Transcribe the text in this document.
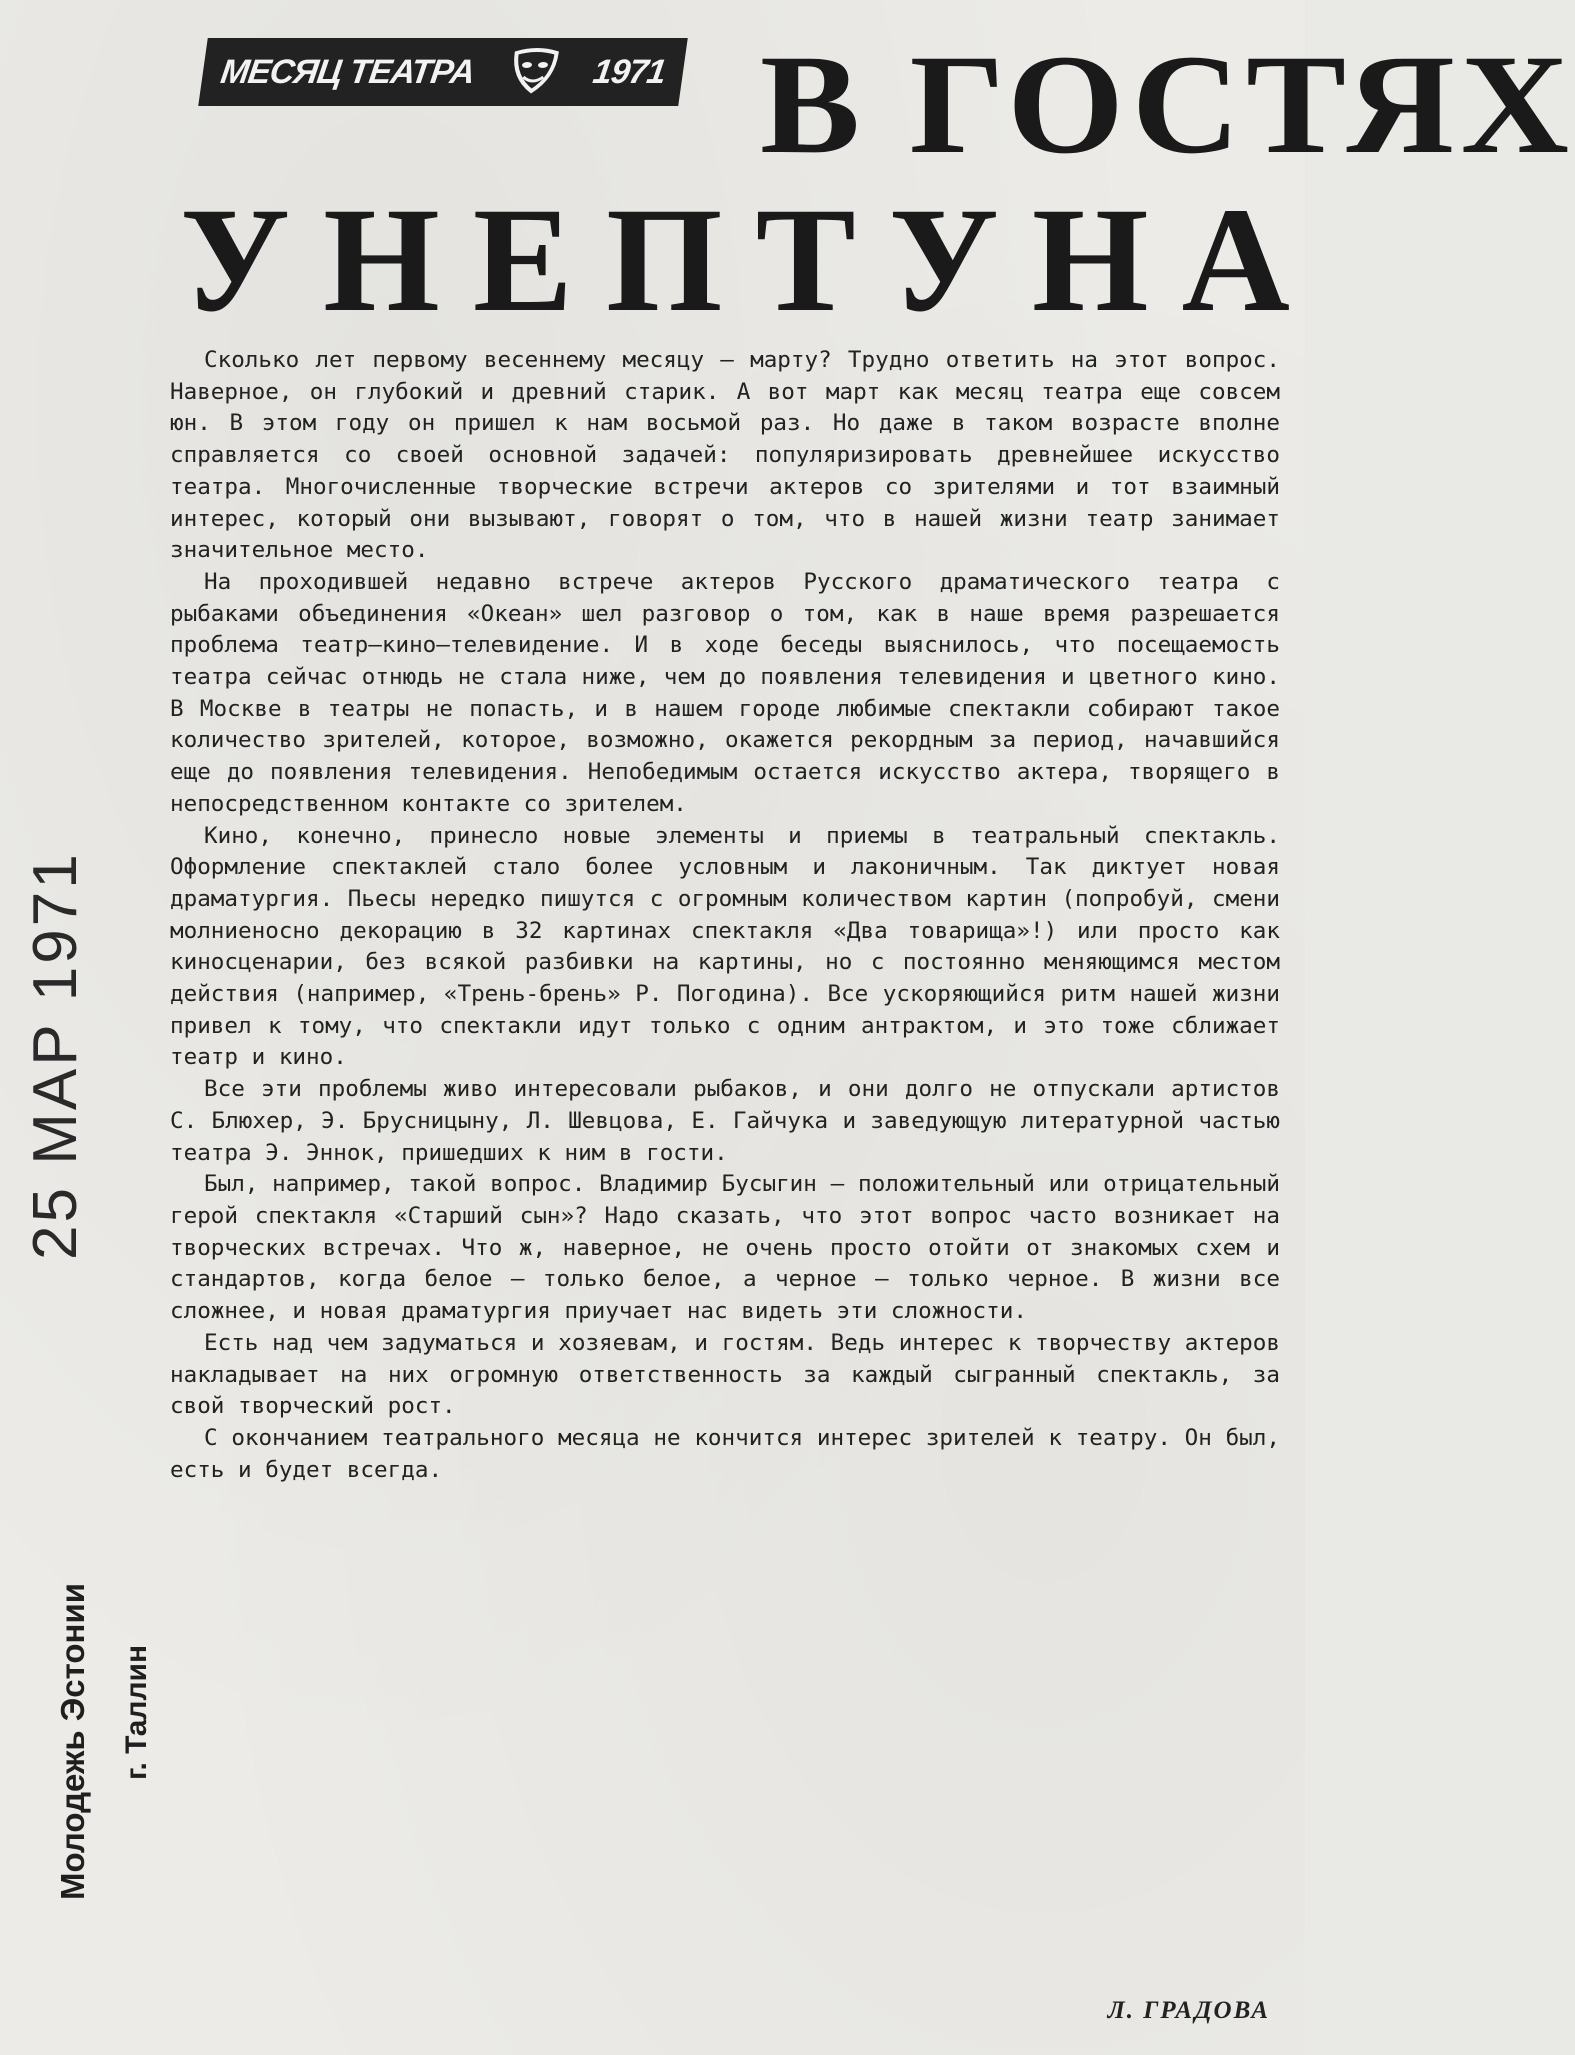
МЕСЯЦ ТЕАТРА	1971 В ГОСТЯХ
У Н Е П Т У Н А
25 МАР 1971
Молодежь Эстонии г. Таллин

Сколько лет первому весеннему месяцу — марту? Трудно ответить на этот вопрос. Наверное, он глубокий и древний старик. А вот март как месяц театра еще совсем юн. В этом году он пришел к нам восьмой раз. Но даже в таком возрасте вполне справляется со своей основной задачей: популяризировать древнейшее искусство театра. Многочисленные творческие встречи актеров со зрителями и тот взаимный интерес, который они вызывают, говорят о том, что в нашей жизни театр занимает значительное место.

На проходившей недавно встрече актеров Русского драматического театра с рыбаками объединения «Океан» шел разговор о том, как в наше время разрешается проблема театр—кино—телевидение. И в ходе беседы выяснилось, что посещаемость театра сейчас отнюдь не стала ниже, чем до появления телевидения и цветного кино. В Москве в театры не попасть, и в нашем городе любимые спектакли собирают такое количество зрителей, которое, возможно, окажется рекордным за период, начавшийся еще до появления телевидения. Непобедимым остается искусство актера, творящего в непосредственном контакте со зрителем.

Кино, конечно, принесло новые элементы и приемы в театральный спектакль. Оформление спектаклей стало более условным и лаконичным. Так диктует новая драматургия. Пьесы нередко пишутся с огромным количеством картин (попробуй, смени молниеносно декорацию в 32 картинах спектакля «Два товарища»!) или просто как киносценарии, без всякой разбивки на картины, но с постоянно меняющимся местом действия (например, «Трень-брень» Р. Погодина). Все ускоряющийся ритм нашей жизни привел к тому, что спектакли идут только с одним антрактом, и это тоже сближает театр и кино.

Все эти проблемы живо интересовали рыбаков, и они долго не отпускали артистов С. Блюхер, Э. Брусницыну, Л. Шевцова, Е. Гайчука и заведующую литературной частью театра Э. Эннок, пришедших к ним в гости.

Был, например, такой вопрос. Владимир Бусыгин — положительный или отрицательный герой спектакля «Старший сын»? Надо сказать, что этот вопрос часто возникает на творческих встречах. Что ж, наверное, не очень просто отойти от знакомых схем и стандартов, когда белое — только белое, а черное — только черное. В жизни все сложнее, и новая драматургия приучает нас видеть эти сложности.

Есть над чем задуматься и хозяевам, и гостям. Ведь интерес к творчеству актеров накладывает на них огромную ответственность за каждый сыгранный спектакль, за свой творческий рост.

С окончанием театрального месяца не кончится интерес зрителей к театру. Он был, есть и будет всегда.

Л. ГРАДОВА
